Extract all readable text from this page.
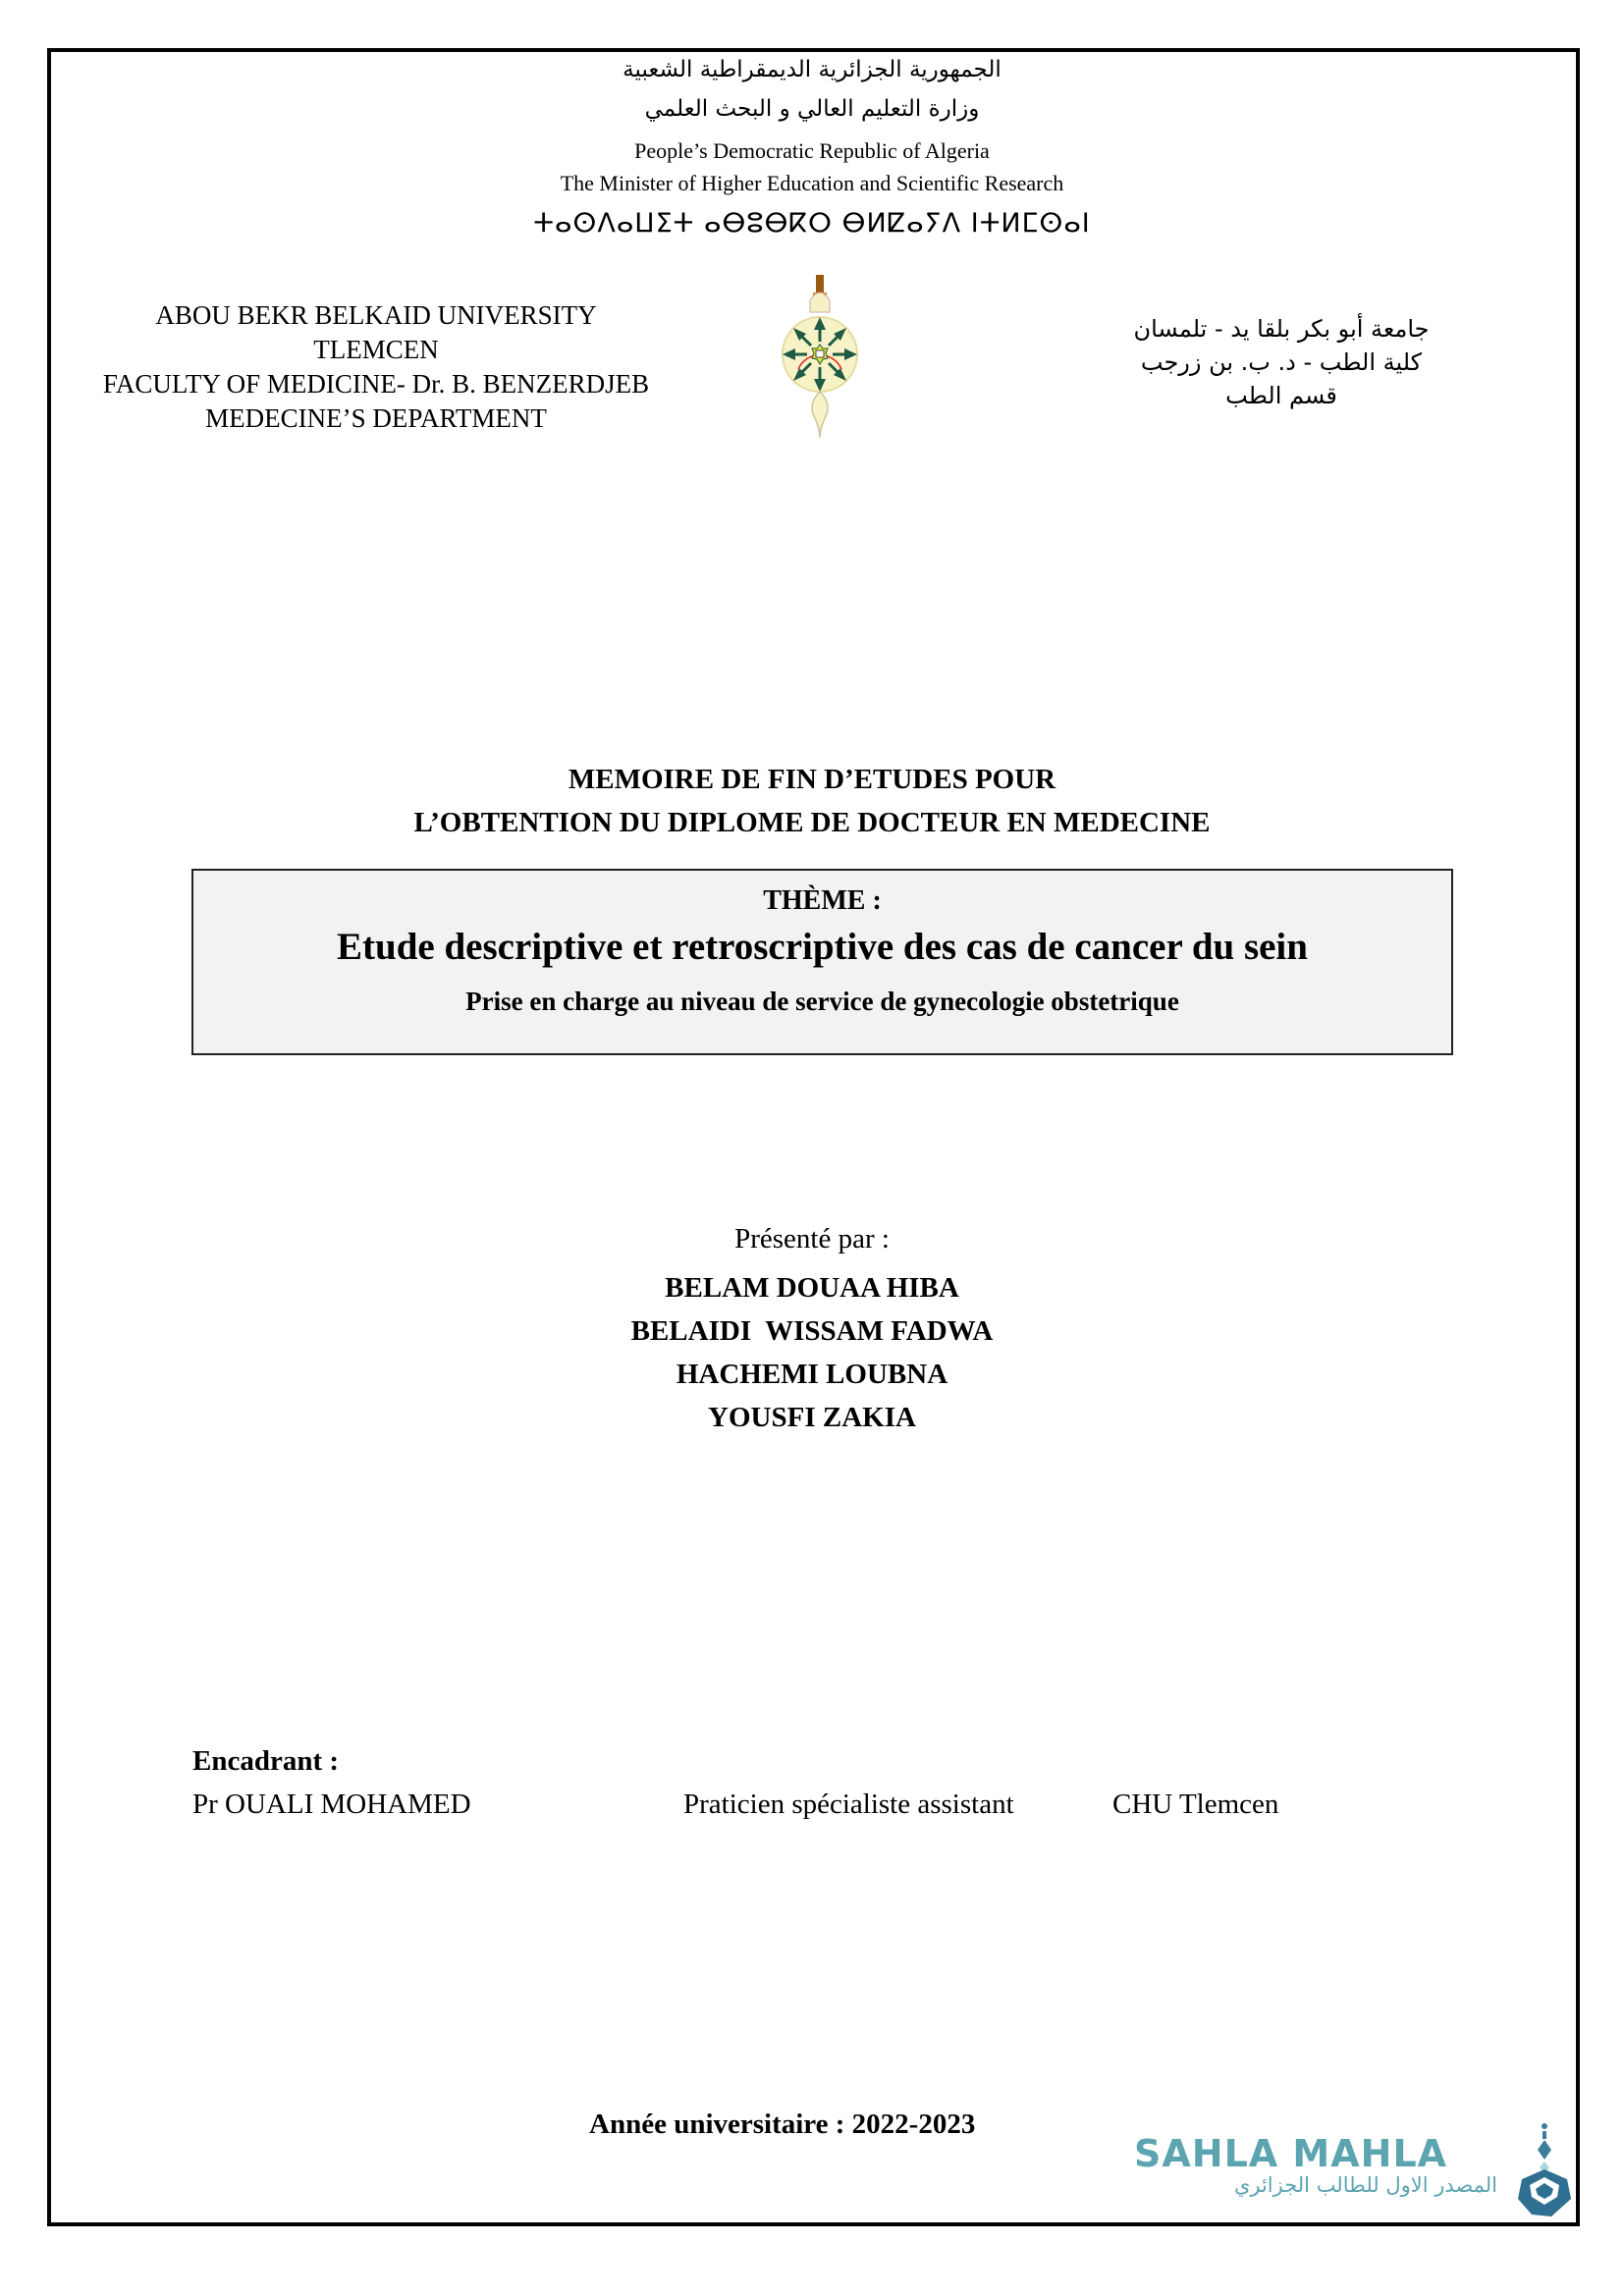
الجمهورية الجزائرية الديمقراطية الشعبية
وزارة التعليم العالي و البحث العلمي
People’s Democratic Republic of Algeria
The Minister of Higher Education and Scientific Research
ⵜⴰⵙⴷⴰⵡⵉⵜ ⴰⴱⵓⴱⴽⵔ ⴱⵍⵇⴰⵢⴷ ⵏⵜⵍⵎⵙⴰⵏ
ABOU BEKR BELKAID UNIVERSITY
TLEMCEN
FACULTY OF MEDICINE- Dr. B. BENZERDJEB
MEDECINE’S DEPARTMENT
جامعة أبو بكر بلقا يد - تلمسان
كلية الطب - د. ب. بن زرجب
قسم الطب
MEMOIRE DE FIN D’ETUDES POUR
L’OBTENTION DU DIPLOME DE DOCTEUR EN MEDECINE
THÈME :
Etude descriptive et retroscriptive des cas de cancer du sein
Prise en charge au niveau de service de gynecologie obstetrique
Présenté par :
BELAM DOUAA HIBA
BELAIDI  WISSAM FADWA
HACHEMI LOUBNA
YOUSFI ZAKIA
Encadrant :
Pr OUALI MOHAMED	Praticien spécialiste assistant	CHU Tlemcen
Année universitaire : 2022-2023
SAHLA MAHLA
المصدر الاول للطالب الجزائري
